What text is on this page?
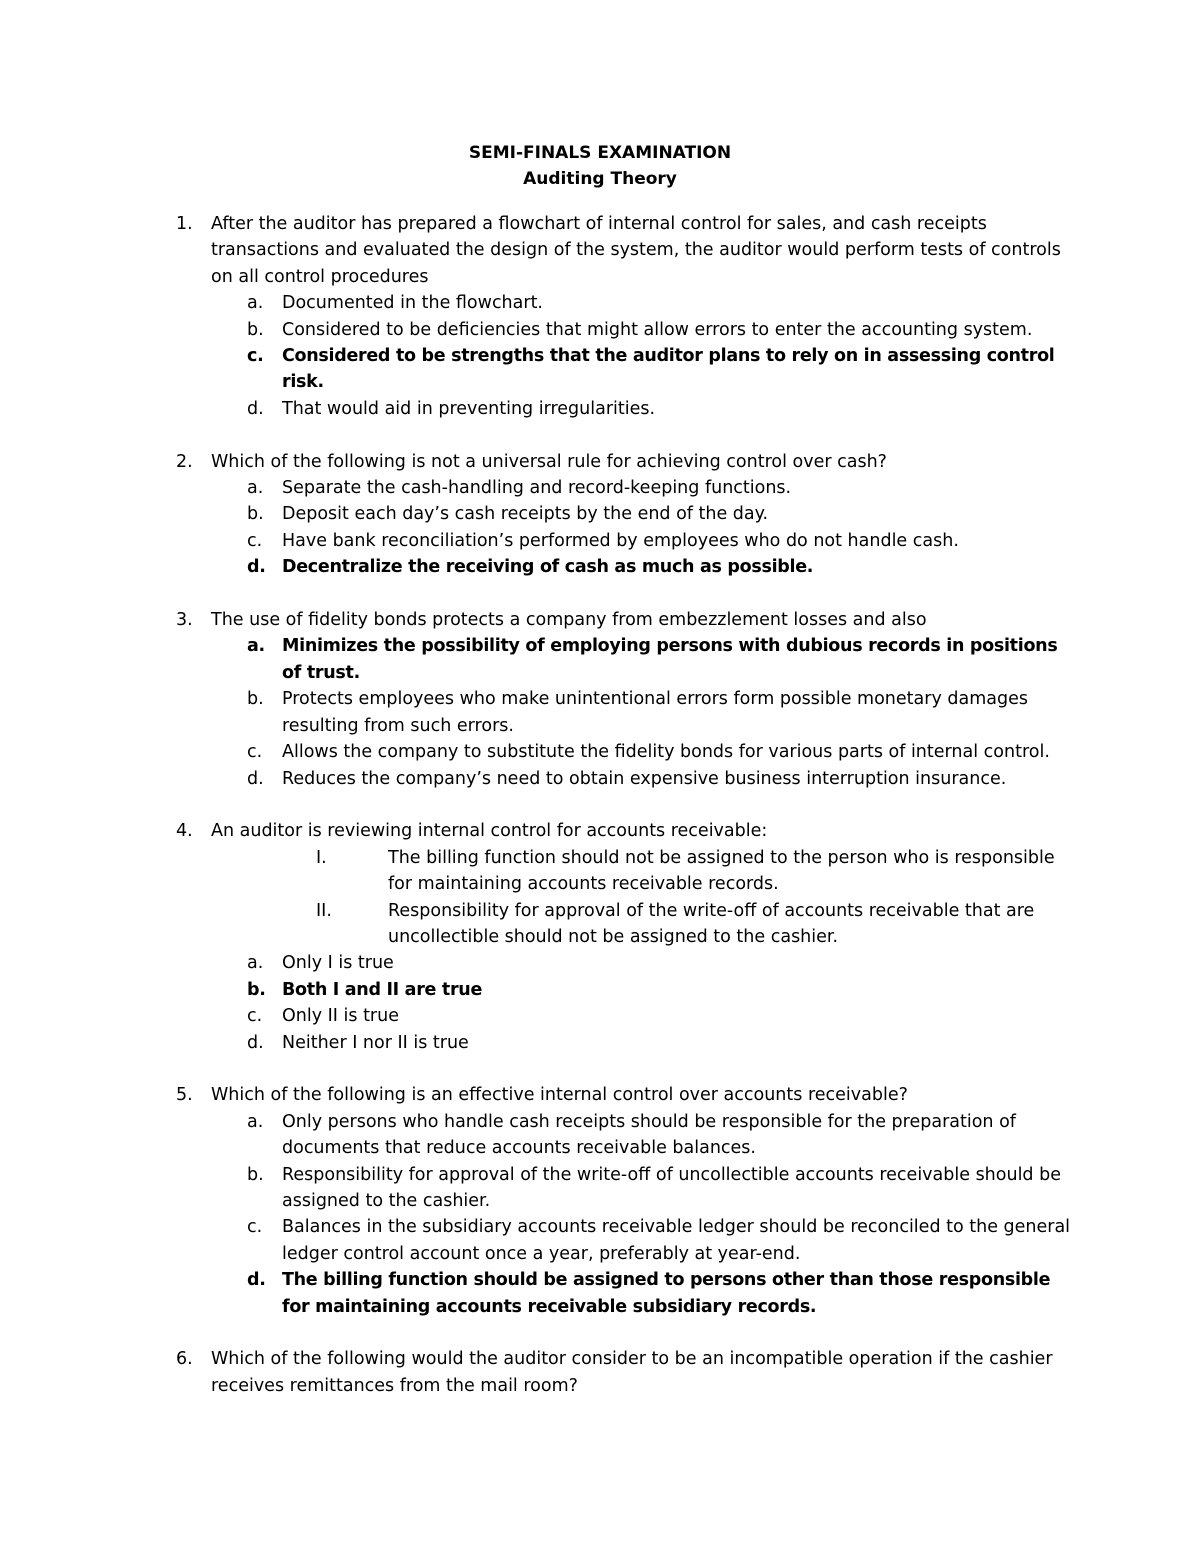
SEMI-FINALS EXAMINATION
Auditing Theory
1. After the auditor has prepared a flowchart of internal control for sales, and cash receipts transactions and evaluated the design of the system, the auditor would perform tests of controls on all control procedures
a. Documented in the flowchart.
b. Considered to be deficiencies that might allow errors to enter the accounting system.
c. Considered to be strengths that the auditor plans to rely on in assessing control risk.
d. That would aid in preventing irregularities.
2. Which of the following is not a universal rule for achieving control over cash?
a. Separate the cash-handling and record-keeping functions.
b. Deposit each day’s cash receipts by the end of the day.
c. Have bank reconciliation’s performed by employees who do not handle cash.
d. Decentralize the receiving of cash as much as possible.
3. The use of fidelity bonds protects a company from embezzlement losses and also
a. Minimizes the possibility of employing persons with dubious records in positions of trust.
b. Protects employees who make unintentional errors form possible monetary damages resulting from such errors.
c. Allows the company to substitute the fidelity bonds for various parts of internal control.
d. Reduces the company’s need to obtain expensive business interruption insurance.
4. An auditor is reviewing internal control for accounts receivable:
I.	The billing function should not be assigned to the person who is responsible for maintaining accounts receivable records.
II.	Responsibility for approval of the write-off of accounts receivable that are uncollectible should not be assigned to the cashier.
a. Only I is true
b. Both I and II are true
c. Only II is true
d. Neither I nor II is true
5. Which of the following is an effective internal control over accounts receivable?
a. Only persons who handle cash receipts should be responsible for the preparation of documents that reduce accounts receivable balances.
b. Responsibility for approval of the write-off of uncollectible accounts receivable should be assigned to the cashier.
c. Balances in the subsidiary accounts receivable ledger should be reconciled to the general ledger control account once a year, preferably at year-end.
d. The billing function should be assigned to persons other than those responsible for maintaining accounts receivable subsidiary records.
6. Which of the following would the auditor consider to be an incompatible operation if the cashier receives remittances from the mail room?
